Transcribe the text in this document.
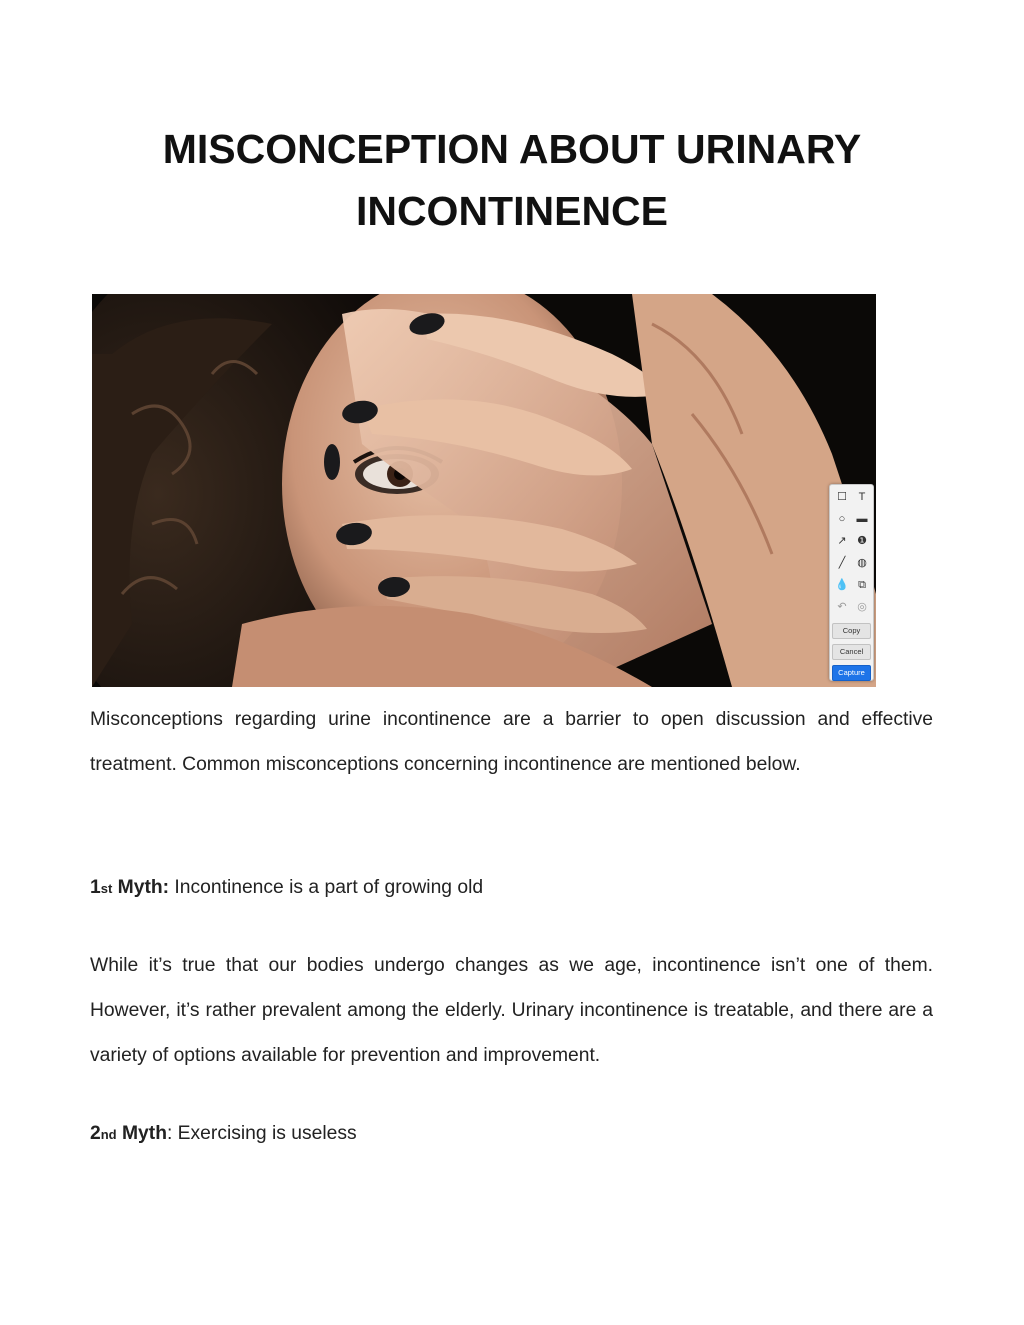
MISCONCEPTION ABOUT URINARY
INCONTINENCE
☐	T
○	▬
↗ ❶
╱	◍
💧 ⧉
↶ ◎
Copy
Cancel
Capture

Misconceptions regarding urine incontinence are a barrier to open discussion and effective treatment. Common misconceptions concerning incontinence are mentioned below.

1st Myth: Incontinence is a part of growing old

While it’s true that our bodies undergo changes as we age, incontinence isn’t one of them. However, it’s rather prevalent among the elderly. Urinary incontinence is treatable, and there are a variety of options available for prevention and improvement.

2nd Myth: Exercising is useless
